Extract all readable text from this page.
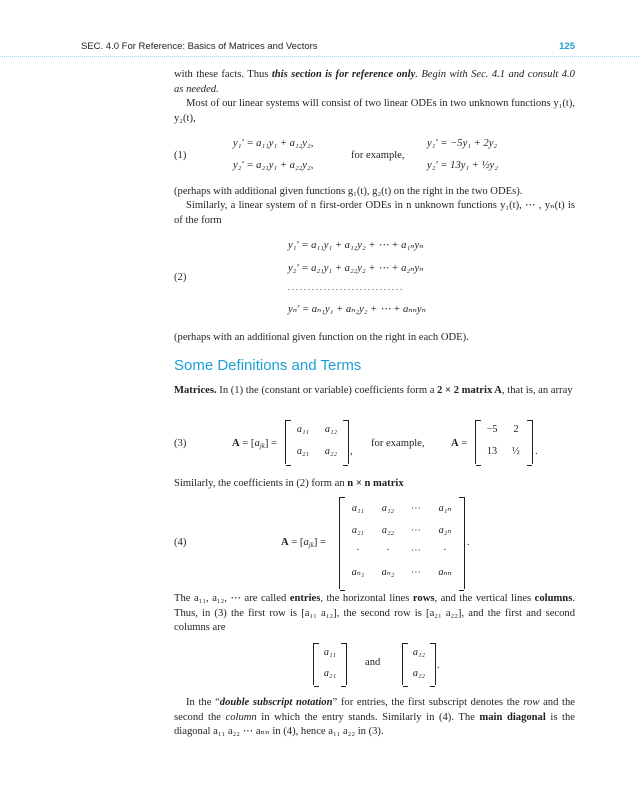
SEC. 4.0 For Reference: Basics of Matrices and Vectors	125
with these facts. Thus this section is for reference only. Begin with Sec. 4.1 and consult 4.0 as needed.
Most of our linear systems will consist of two linear ODEs in two unknown functions y₁(t), y₂(t),
(1)
y₁′ = a₁₁y₁ + a₁₂y₂,
y₂′ = a₂₁y₁ + a₂₂y₂,
for example,
y₁′ = −5y₁ + 2y₂
y₂′ = 13y₁ + ½y₂
(perhaps with additional given functions g₁(t), g₂(t) on the right in the two ODEs).
Similarly, a linear system of n first-order ODEs in n unknown functions y₁(t), ⋯ , yₙ(t) is of the form
(2)
y₁′ = a₁₁y₁ + a₁₂y₂ + ⋯ + a₁ₙyₙ
y₂′ = a₂₁y₁ + a₂₂y₂ + ⋯ + a₂ₙyₙ
. . . . . . . . . . . . . . . . . . . . . . . . . . . . .
yₙ′ = aₙ₁y₁ + aₙ₂y₂ + ⋯ + aₙₙyₙ
(perhaps with an additional given function on the right in each ODE).
Some Definitions and Terms
Matrices. In (1) the (constant or variable) coefficients form a 2 × 2 matrix A, that is, an array
(3)	$A = [a_{jk}]$ =
a₁₁	a₁₂
a₂₁	a₂₂	,
for example, A =
−5	2
13	½	.
Similarly, the coefficients in (2) form an n × n matrix
(4)	$A = [a_{jk}]$ =
a₁₁	a₁₂	⋯	a₁ₙ
a₂₁	a₂₂	⋯	a₂ₙ
·	·	⋯	·
aₙ₁	aₙ₂	⋯	aₙₙ
.
The a₁₁, a₁₂, ⋯ are called entries, the horizontal lines rows, and the vertical lines columns. Thus, in (3) the first row is [a₁₁ a₁₂], the second row is [a₂₁ a₂₂], and the first and second columns are
a₁₁
a₂₁
and
a₁₂
a₂₂
.
In the “double subscript notation” for entries, the first subscript denotes the row and the second the column in which the entry stands. Similarly in (4). The main diagonal is the diagonal a₁₁ a₂₂ ⋯ aₙₙ in (4), hence a₁₁ a₂₂ in (3).
